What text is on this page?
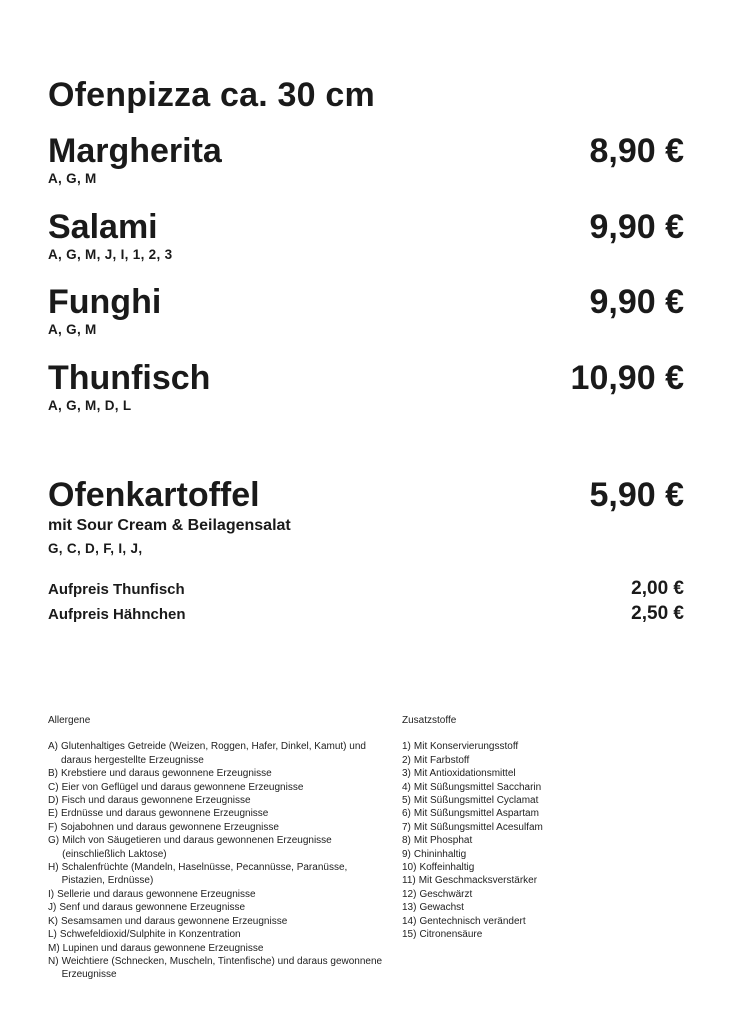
Ofenpizza ca. 30 cm
Margherita	8,90 €
A, G, M
Salami	9,90 €
A, G, M, J, I, 1, 2, 3
Funghi	9,90 €
A, G, M
Thunfisch	10,90 €
A, G, M, D, L
Ofenkartoffel	5,90 €
mit Sour Cream & Beilagensalat
G, C, D, F, I, J,
Aufpreis Thunfisch	2,00 €
Aufpreis Hähnchen	2,50 €
Allergene
A) Glutenhaltiges Getreide (Weizen, Roggen, Hafer, Dinkel, Kamut) und daraus hergestellte Erzeugnisse
B) Krebstiere und daraus gewonnene Erzeugnisse
C) Eier von Geflügel und daraus gewonnene Erzeugnisse
D) Fisch und daraus gewonnene Erzeugnisse
E) Erdnüsse und daraus gewonnene Erzeugnisse
F) Sojabohnen und daraus gewonnene Erzeugnisse
G) Milch von Säugetieren und daraus gewonnenen Erzeugnisse (einschließlich Laktose)
H) Schalenfrüchte (Mandeln, Haselnüsse, Pecannüsse, Paranüsse, Pistazien, Erdnüsse)
I) Sellerie und daraus gewonnene Erzeugnisse
J) Senf und daraus gewonnene Erzeugnisse
K) Sesamsamen und daraus gewonnene Erzeugnisse
L) Schwefeldioxid/Sulphite in Konzentration
M) Lupinen und daraus gewonnene Erzeugnisse
N) Weichtiere (Schnecken, Muscheln, Tintenfische) und daraus gewonnene Erzeugnisse
Zusatzstoffe
1) Mit Konservierungsstoff
2) Mit Farbstoff
3) Mit Antioxidationsmittel
4) Mit Süßungsmittel Saccharin
5) Mit Süßungsmittel Cyclamat
6) Mit Süßungsmittel Aspartam
7) Mit Süßungsmittel Acesulfam
8) Mit Phosphat
9) Chininhaltig
10) Koffeinhaltig
11) Mit Geschmacksverstärker
12) Geschwärzt
13) Gewachst
14) Gentechnisch verändert
15) Citronensäure
